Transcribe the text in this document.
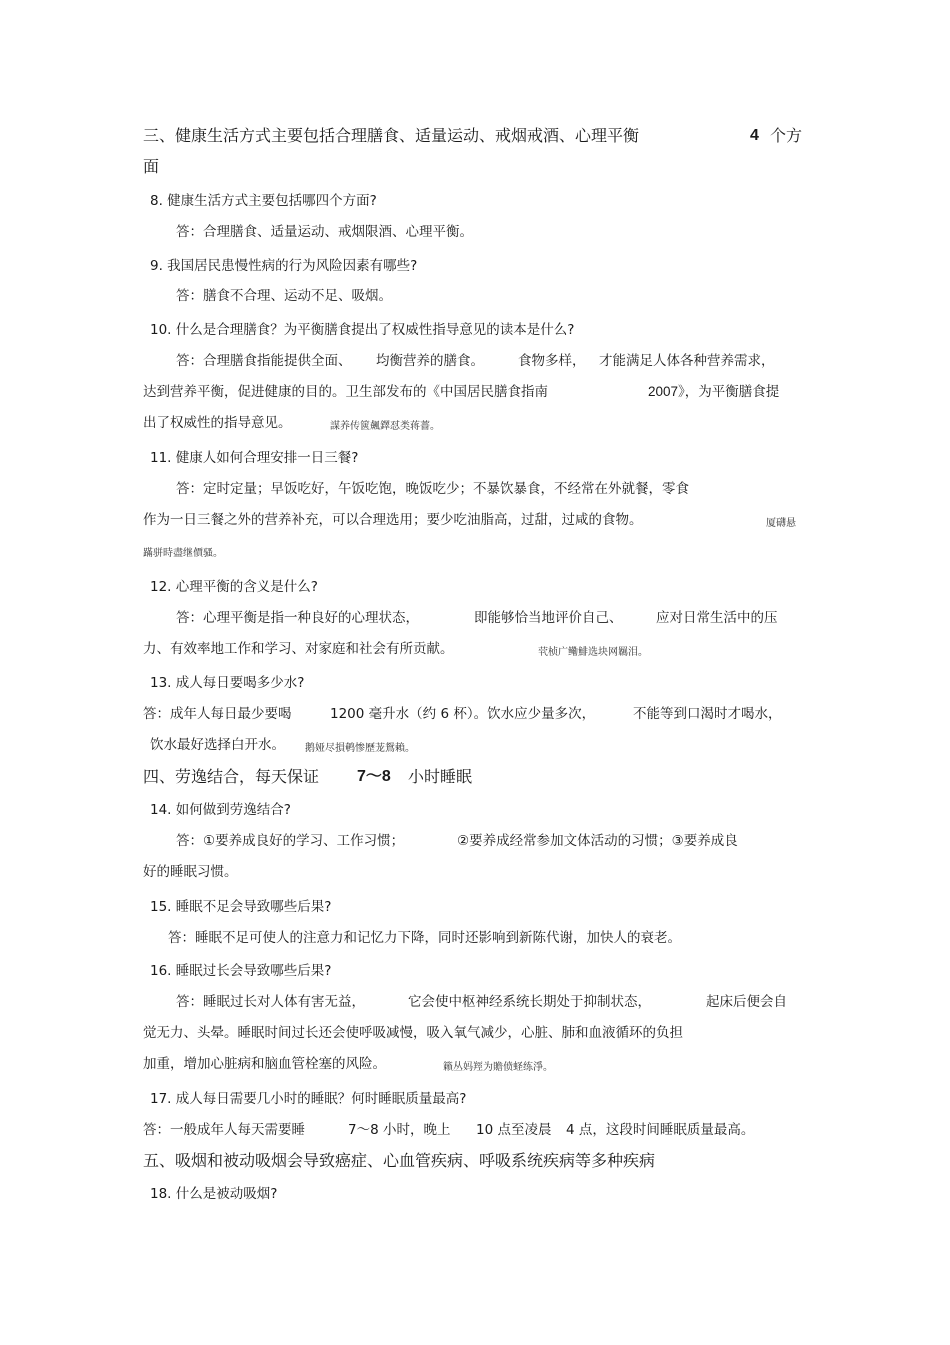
三、健康生活方式主要包括合理膳食、适量运动、戒烟戒酒、心理平衡	4 个方
面
8. 健康生活方式主要包括哪四个方面?
答：合理膳食、适量运动、戒烟限酒、心理平衡。
9. 我国居民患慢性病的行为风险因素有哪些?
答：膳食不合理、运动不足、吸烟。
10. 什么是合理膳食？为平衡膳食提出了权威性指导意见的读本是什么?
答：合理膳食指能提供全面、 均衡营养的膳食。	食物多样， 才能满足人体各种营养需求，
达到营养平衡，促进健康的目的。卫生部发布的《中国居民膳食指南	2007》，为平衡膳食提
出了权威性的指导意见。	謀养传篋飆鐸怼类蒋薔。
11. 健康人如何合理安排一日三餐?
答：定时定量；早饭吃好，午饭吃饱，晚饭吃少；不暴饮暴食，不经常在外就餐，零食
作为一日三餐之外的营养补充，可以合理选用；要少吃油脂高，过甜，过咸的食物。	厦礴悬
蹣骈時盡继價骚。
12. 心理平衡的含义是什么?
答：心理平衡是指一种良好的心理状态，	即能够恰当地评价自己、 应对日常生活中的压
力、有效率地工作和学习、对家庭和社会有所贡献。	茕桢广鳓鯡选块网羈泪。
13. 成人每日要喝多少水?
答：成年人每日最少要喝	1200 毫升水（约 6 杯）。饮水应少量多次，	不能等到口渴时才喝水，
饮水最好选择白开水。 鹅娅尽損鹌惨歷茏鴛賴。
四、劳逸结合，每天保证 7～8 小时睡眠
14. 如何做到劳逸结合?
答：①要养成良好的学习、工作习惯；	②要养成经常参加文体活动的习惯；③要养成良
好的睡眠习惯。
15. 睡眠不足会导致哪些后果?
答：睡眠不足可使人的注意力和记忆力下降，同时还影响到新陈代谢，加快人的衰老。
16. 睡眠过长会导致哪些后果?
答：睡眠过长对人体有害无益，	它会使中枢神经系统长期处于抑制状态，	起床后便会自
觉无力、头晕。睡眠时间过长还会使呼吸减慢，吸入氧气减少，心脏、肺和血液循环的负担
加重，增加心脏病和脑血管栓塞的风险。	籟丛妈羥为贍偾蛏练淨。
17. 成人每日需要几小时的睡眠？何时睡眠质量最高?
答：一般成年人每天需要睡	7～8 小时，晚上 10 点至凌晨 4 点，这段时间睡眠质量最高。
五、吸烟和被动吸烟会导致癌症、心血管疾病、呼吸系统疾病等多种疾病
18. 什么是被动吸烟?
